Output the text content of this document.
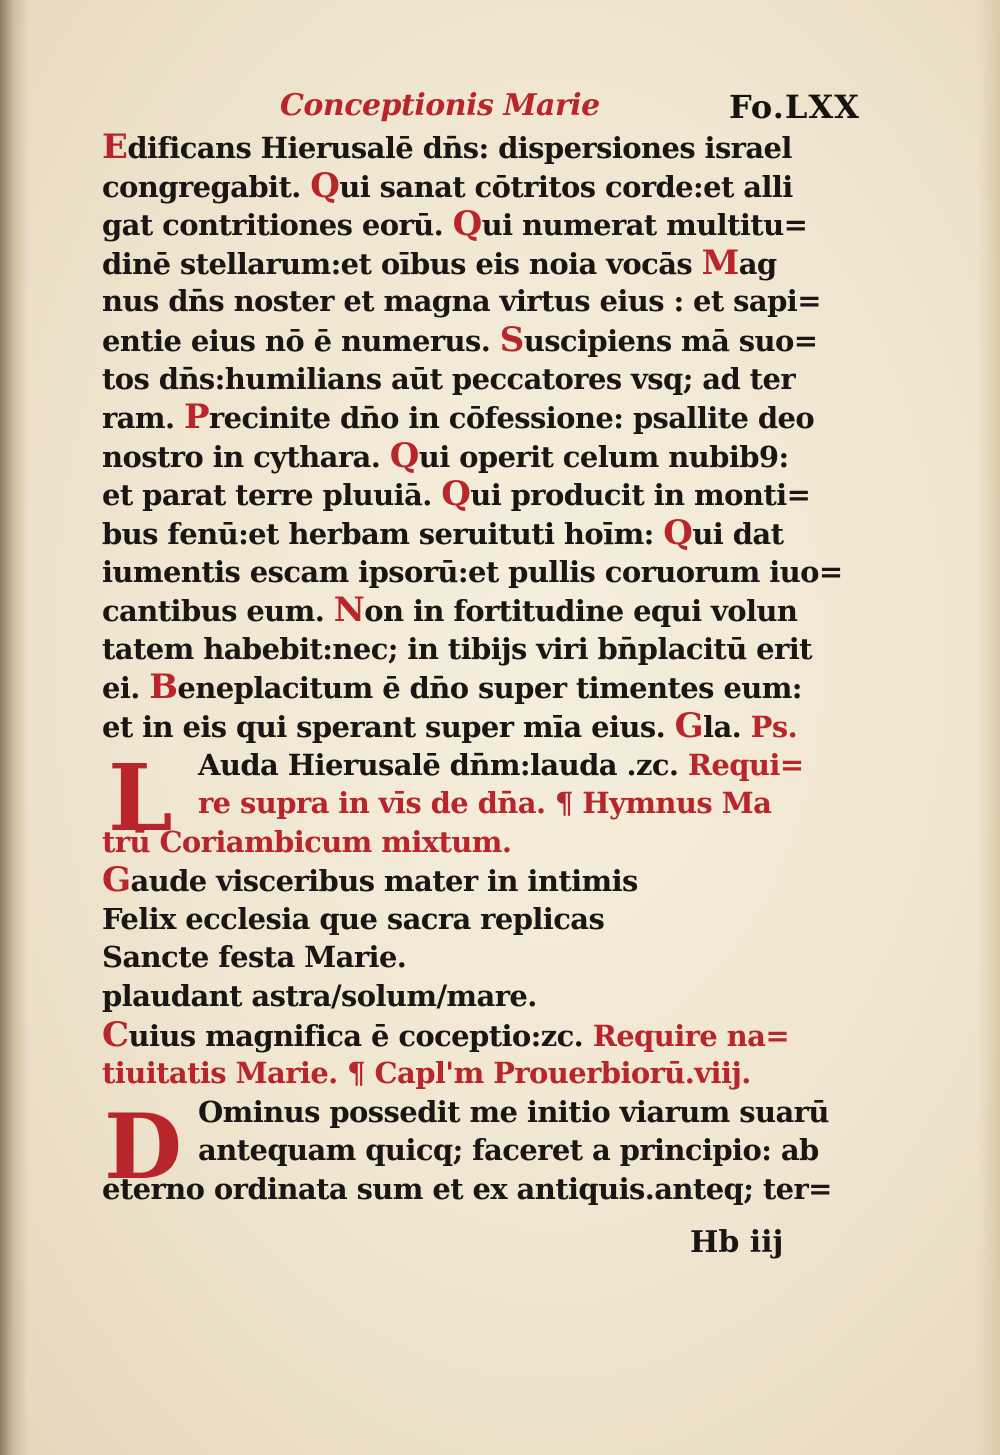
Conceptionis Marie	Fo.LXX
L
D
Edificans Hierusalē dn̄s: dispersiones israel
congregabit. Qui sanat cōtritos corde:et alli
gat contritiones eorū. Qui numerat multitu=
dinē stellarum:et oībus eis noia vocās Mag
nus dn̄s noster et magna virtus eius : et sapi=
entie eius nō ē numerus. Suscipiens mā suo=
tos dn̄s:humilians aūt peccatores vsq; ad ter
ram. Precinite dn̄o in cōfessione: psallite deo
nostro in cythara. Qui operit celum nubib9:
et parat terre pluuiā. Qui producit in monti=
bus fenū:et herbam seruituti hoīm: Qui dat
iumentis escam ipsorū:et pullis coruorum iuo=
cantibus eum. Non in fortitudine equi volun
tatem habebit:nec; in tibijs viri bn̄placitū erit
ei. Beneplacitum ē dn̄o super timentes eum:
et in eis qui sperant super mīa eius. Gla. Ps.
Auda Hierusalē dn̄m:lauda .zc. Requi=
re supra in vīs de dn̄a. ¶ Hymnus Ma
trū Coriambicum mixtum.
Gaude visceribus mater in intimis
Felix ecclesia que sacra replicas
Sancte festa Marie.
plaudant astra/solum/mare.
Cuius magnifica ē coceptio:zc. Require na=
tiuitatis Marie. ¶ Capl'm Prouerbiorū.viij.
Ominus possedit me initio viarum suarū
antequam quicq; faceret a principio: ab
eterno ordinata sum et ex antiquis.anteq; ter=
Hb iij
